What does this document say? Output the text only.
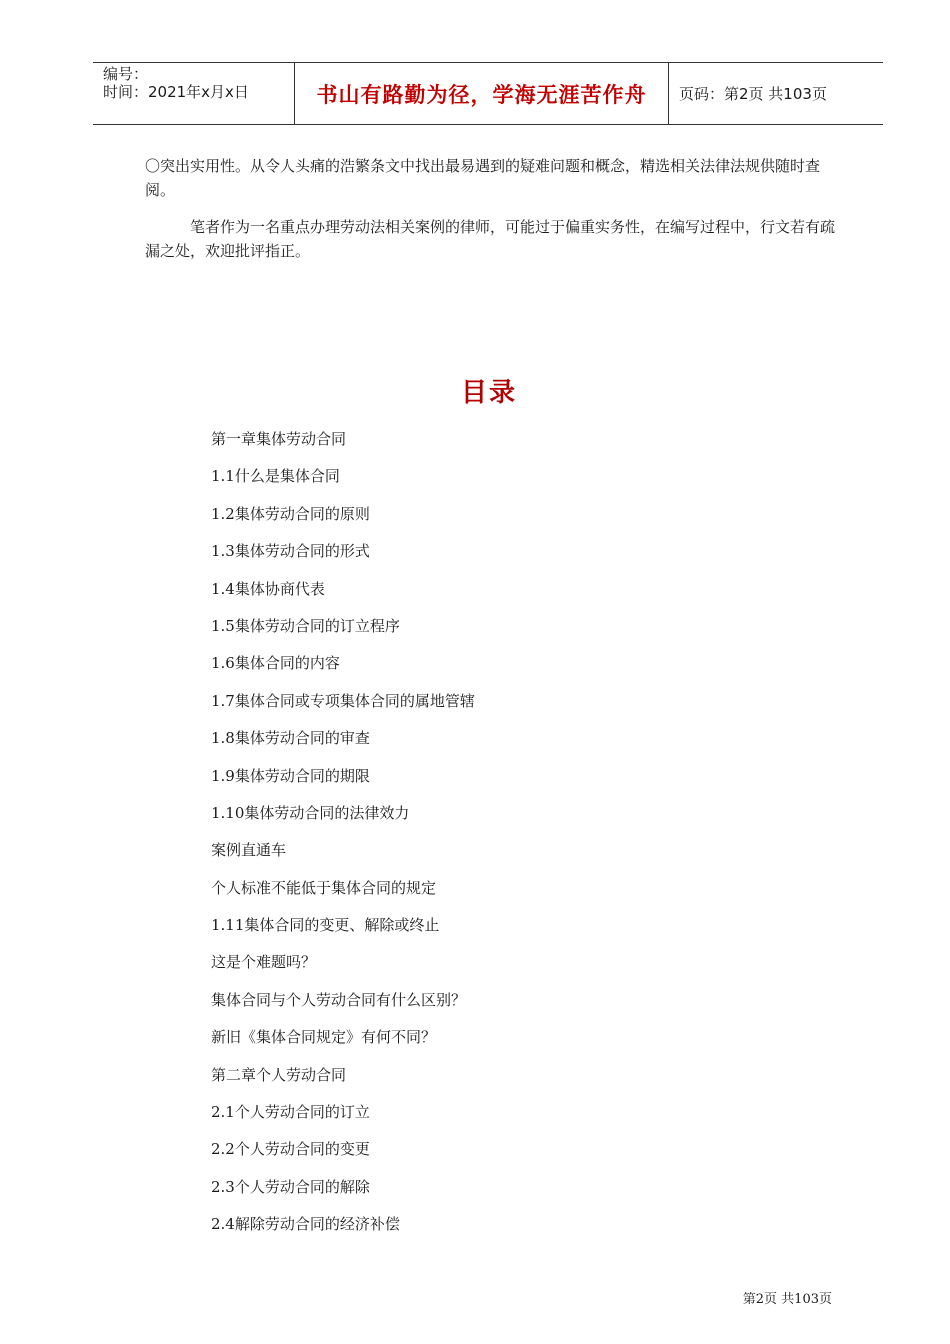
编号：
时间：2021年x月x日	书山有路勤为径，学海无涯苦作舟	页码：第2页 共103页

〇突出实用性。从令人头痛的浩繁条文中找出最易遇到的疑难问题和概念，精选相关法律法规供随时查阅。

笔者作为一名重点办理劳动法相关案例的律师，可能过于偏重实务性，在编写过程中，行文若有疏漏之处，欢迎批评指正。

目录
第一章集体劳动合同
1.1什么是集体合同
1.2集体劳动合同的原则
1.3集体劳动合同的形式
1.4集体协商代表
1.5集体劳动合同的订立程序
1.6集体合同的内容
1.7集体合同或专项集体合同的属地管辖
1.8集体劳动合同的审查
1.9集体劳动合同的期限
1.10集体劳动合同的法律效力
案例直通车
个人标准不能低于集体合同的规定
1.11集体合同的变更、解除或终止
这是个难题吗？
集体合同与个人劳动合同有什么区别？
新旧《集体合同规定》有何不同？
第二章个人劳动合同
2.1个人劳动合同的订立
2.2个人劳动合同的变更
2.3个人劳动合同的解除
2.4解除劳动合同的经济补偿
第2页 共103页
